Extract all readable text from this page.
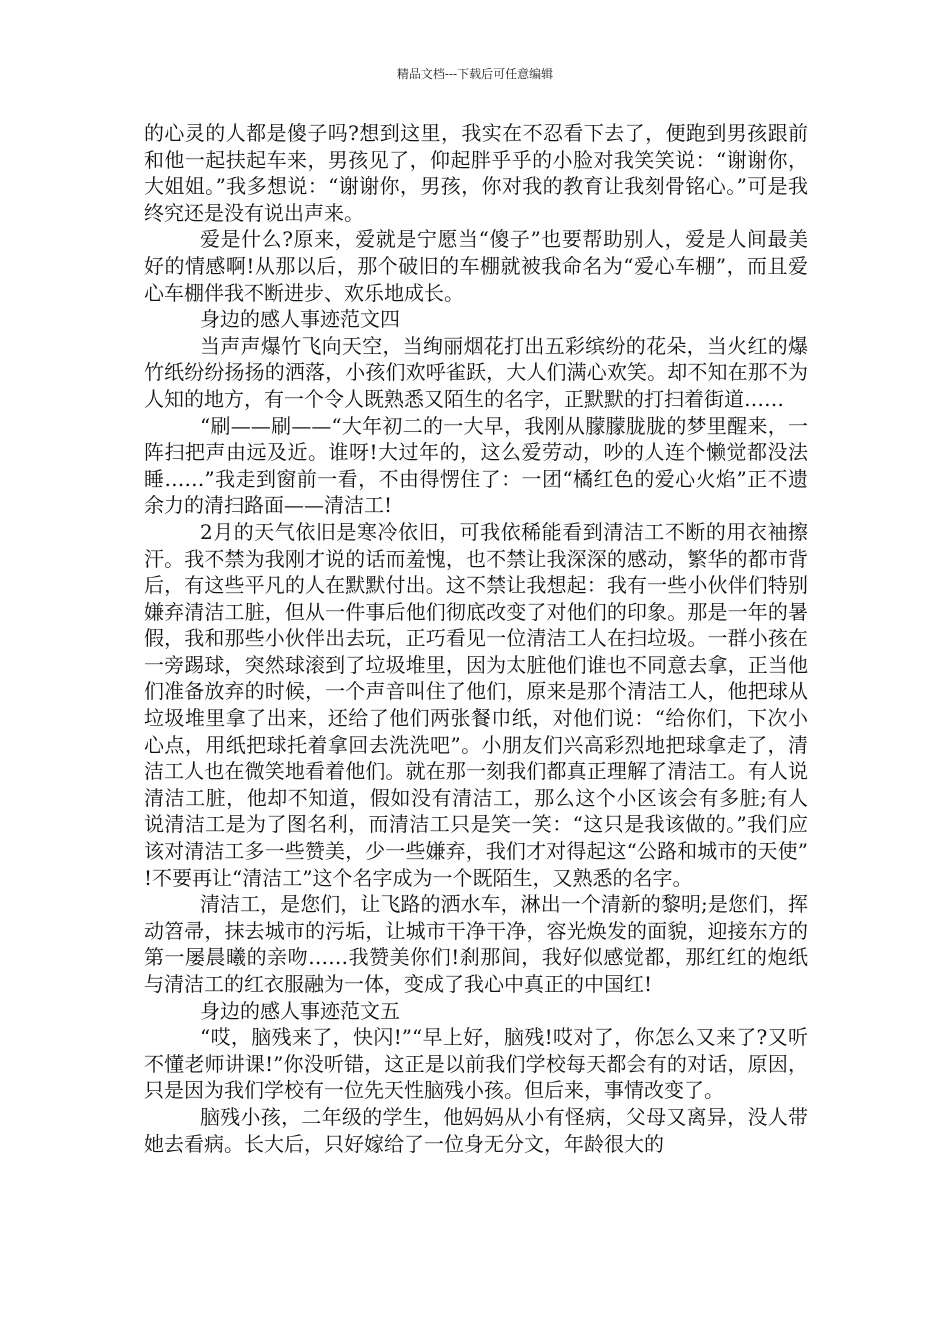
精品文档---下载后可任意编辑

的心灵的人都是傻子吗?想到这里，我实在不忍看下去了，便跑到男孩跟前和他一起扶起车来，男孩见了，仰起胖乎乎的小脸对我笑笑说：“谢谢你，大姐姐。”我多想说：“谢谢你，男孩，你对我的教育让我刻骨铭心。”可是我终究还是没有说出声来。

爱是什么?原来，爱就是宁愿当“傻子”也要帮助别人，爱是人间最美好的情感啊!从那以后，那个破旧的车棚就被我命名为“爱心车棚”，而且爱心车棚伴我不断进步、欢乐地成长。

身边的感人事迹范文四

当声声爆竹飞向天空，当绚丽烟花打出五彩缤纷的花朵，当火红的爆竹纸纷纷扬扬的洒落，小孩们欢呼雀跃，大人们满心欢笑。却不知在那不为人知的地方，有一个令人既熟悉又陌生的名字，正默默的打扫着街道……

“刷——刷——“大年初二的一大早，我刚从朦朦胧胧的梦里醒来，一阵扫把声由远及近。谁呀!大过年的，这么爱劳动，吵的人连个懒觉都没法睡……”我走到窗前一看，不由得愣住了：一团“橘红色的爱心火焰”正不遗余力的清扫路面——清洁工!

2月的天气依旧是寒冷依旧，可我依稀能看到清洁工不断的用衣袖擦汗。我不禁为我刚才说的话而羞愧，也不禁让我深深的感动，繁华的都市背后，有这些平凡的人在默默付出。这不禁让我想起：我有一些小伙伴们特别嫌弃清洁工脏，但从一件事后他们彻底改变了对他们的印象。那是一年的暑假，我和那些小伙伴出去玩，正巧看见一位清洁工人在扫垃圾。一群小孩在一旁踢球，突然球滚到了垃圾堆里，因为太脏他们谁也不同意去拿，正当他们准备放弃的时候，一个声音叫住了他们，原来是那个清洁工人，他把球从垃圾堆里拿了出来，还给了他们两张餐巾纸，对他们说：“给你们，下次小心点，用纸把球托着拿回去洗洗吧”。小朋友们兴高彩烈地把球拿走了，清洁工人也在微笑地看着他们。就在那一刻我们都真正理解了清洁工。有人说清洁工脏，他却不知道，假如没有清洁工，那么这个小区该会有多脏;有人说清洁工是为了图名利，而清洁工只是笑一笑：“这只是我该做的。”我们应该对清洁工多一些赞美，少一些嫌弃，我们才对得起这“公路和城市的天使”!不要再让“清洁工”这个名字成为一个既陌生，又熟悉的名字。

清洁工，是您们，让飞路的洒水车，淋出一个清新的黎明;是您们，挥动笤帚，抹去城市的污垢，让城市干净干净，容光焕发的面貌，迎接东方的第一屡晨曦的亲吻……我赞美你们!刹那间，我好似感觉都，那红红的炮纸与清洁工的红衣服融为一体，变成了我心中真正的中国红!

身边的感人事迹范文五

“哎，脑残来了，快闪!”“早上好，脑残!哎对了，你怎么又来了?又听不懂老师讲课!”你没听错，这正是以前我们学校每天都会有的对话，原因，只是因为我们学校有一位先天性脑残小孩。但后来，事情改变了。

脑残小孩，二年级的学生，他妈妈从小有怪病，父母又离异，没人带她去看病。长大后，只好嫁给了一位身无分文，年龄很大的
